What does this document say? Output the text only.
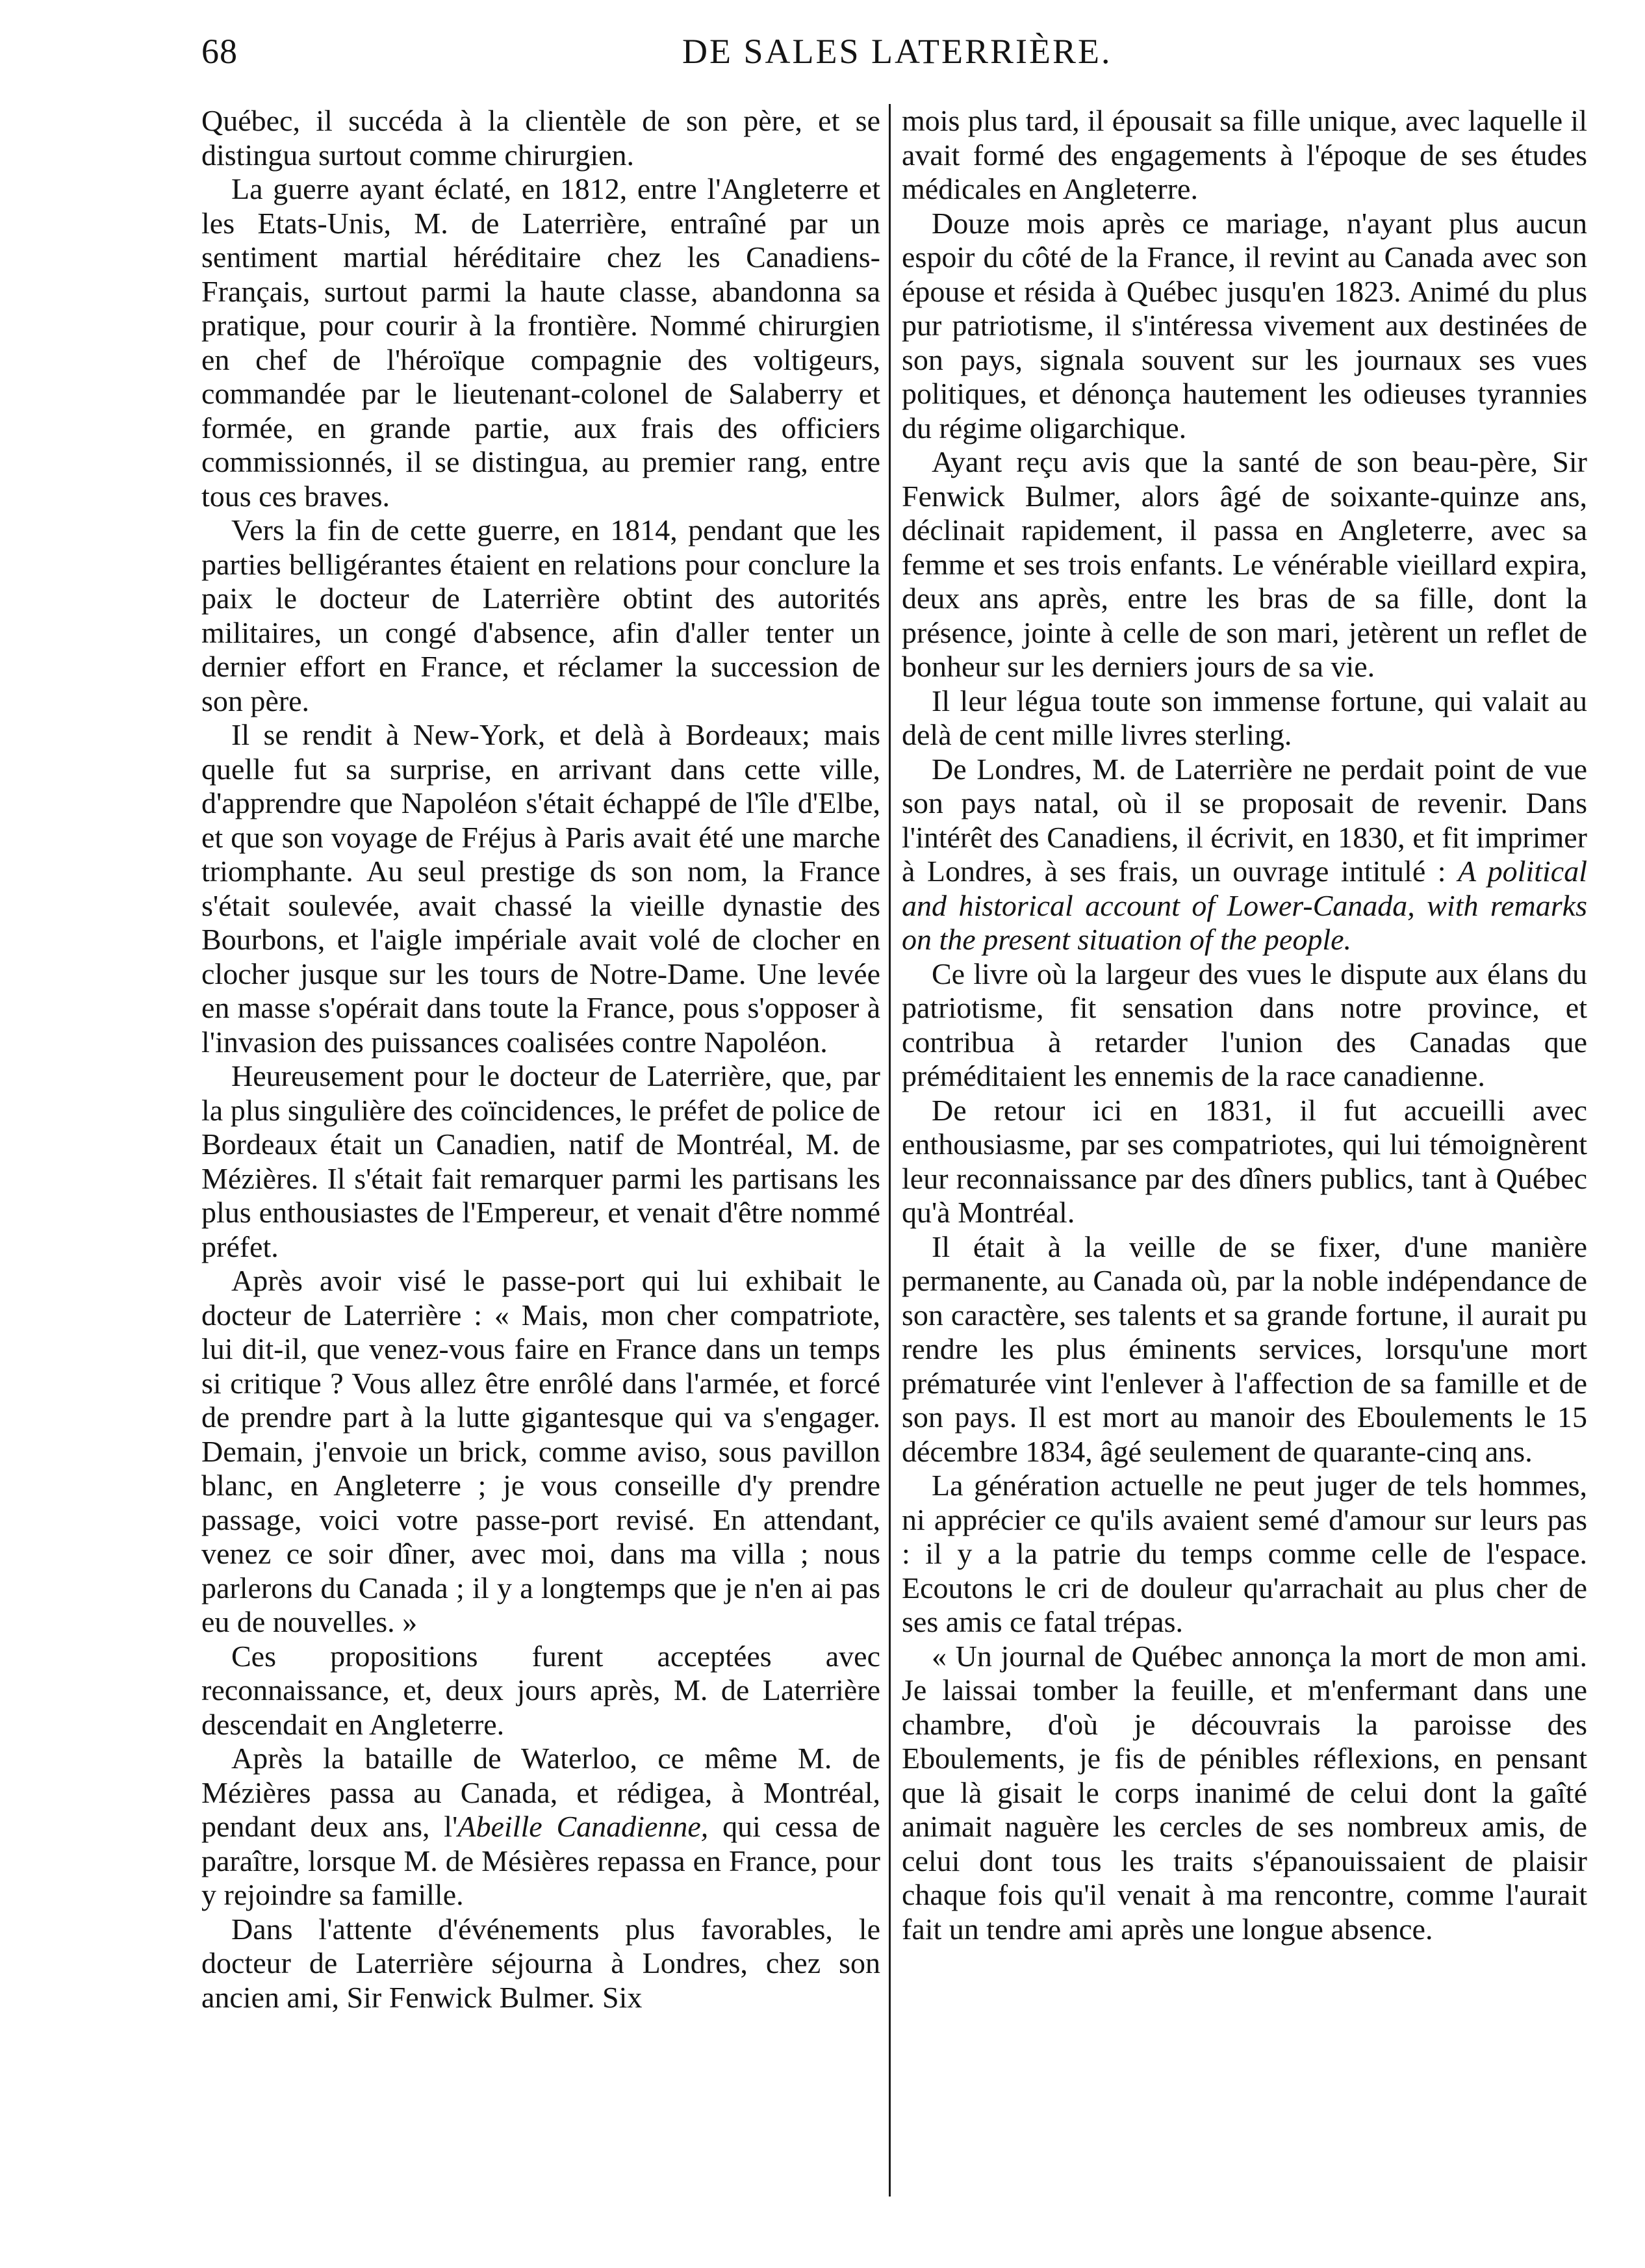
68	DE SALES LATERRIÈRE.

Québec, il succéda à la clientèle de son père, et se distingua surtout comme chirurgien.

La guerre ayant éclaté, en 1812, entre l'Angleterre et les Etats-Unis, M. de Laterrière, entraîné par un sentiment martial héréditaire chez les Canadiens-Français, surtout parmi la haute classe, abandonna sa pratique, pour courir à la frontière. Nommé chirurgien en chef de l'héroïque compagnie des voltigeurs, commandée par le lieutenant-colonel de Salaberry et formée, en grande partie, aux frais des officiers commissionnés, il se distingua, au premier rang, entre tous ces braves.

Vers la fin de cette guerre, en 1814, pendant que les parties belligérantes étaient en relations pour conclure la paix le docteur de Laterrière obtint des autorités militaires, un congé d'absence, afin d'aller tenter un dernier effort en France, et réclamer la succession de son père.

Il se rendit à New-York, et delà à Bordeaux; mais quelle fut sa surprise, en arrivant dans cette ville, d'apprendre que Napoléon s'était échappé de l'île d'Elbe, et que son voyage de Fréjus à Paris avait été une marche triomphante. Au seul prestige ds son nom, la France s'était soulevée, avait chassé la vieille dynastie des Bourbons, et l'aigle impériale avait volé de clocher en clocher jusque sur les tours de Notre-Dame. Une levée en masse s'opérait dans toute la France, pous s'opposer à l'invasion des puissances coalisées contre Napoléon.

Heureusement pour le docteur de Laterrière, que, par la plus singulière des coïncidences, le préfet de police de Bordeaux était un Canadien, natif de Montréal, M. de Mézières. Il s'était fait remarquer parmi les partisans les plus enthousiastes de l'Empereur, et venait d'être nommé préfet.

Après avoir visé le passe-port qui lui exhibait le docteur de Laterrière : « Mais, mon cher compatriote, lui dit-il, que venez-vous faire en France dans un temps si critique ? Vous allez être enrôlé dans l'armée, et forcé de prendre part à la lutte gigantesque qui va s'engager. Demain, j'envoie un brick, comme aviso, sous pavillon blanc, en Angleterre ; je vous conseille d'y prendre passage, voici votre passe-port revisé. En attendant, venez ce soir dîner, avec moi, dans ma villa ; nous parlerons du Canada ; il y a longtemps que je n'en ai pas eu de nouvelles. »

Ces propositions furent acceptées avec reconnaissance, et, deux jours après, M. de Laterrière descendait en Angleterre.

Après la bataille de Waterloo, ce même M. de Mézières passa au Canada, et rédigea, à Montréal, pendant deux ans, l'Abeille Canadienne, qui cessa de paraître, lorsque M. de Mésières repassa en France, pour y rejoindre sa famille.

Dans l'attente d'événements plus favorables, le docteur de Laterrière séjourna à Londres, chez son ancien ami, Sir Fenwick Bulmer. Six

mois plus tard, il épousait sa fille unique, avec laquelle il avait formé des engagements à l'époque de ses études médicales en Angleterre.

Douze mois après ce mariage, n'ayant plus aucun espoir du côté de la France, il revint au Canada avec son épouse et résida à Québec jusqu'en 1823. Animé du plus pur patriotisme, il s'intéressa vivement aux destinées de son pays, signala souvent sur les journaux ses vues politiques, et dénonça hautement les odieuses tyrannies du régime oligarchique.

Ayant reçu avis que la santé de son beau-père, Sir Fenwick Bulmer, alors âgé de soixante-quinze ans, déclinait rapidement, il passa en Angleterre, avec sa femme et ses trois enfants. Le vénérable vieillard expira, deux ans après, entre les bras de sa fille, dont la présence, jointe à celle de son mari, jetèrent un reflet de bonheur sur les derniers jours de sa vie.

Il leur légua toute son immense fortune, qui valait au delà de cent mille livres sterling.

De Londres, M. de Laterrière ne perdait point de vue son pays natal, où il se proposait de revenir. Dans l'intérêt des Canadiens, il écrivit, en 1830, et fit imprimer à Londres, à ses frais, un ouvrage intitulé : A political and historical account of Lower-Canada, with remarks on the present situation of the people.

Ce livre où la largeur des vues le dispute aux élans du patriotisme, fit sensation dans notre province, et contribua à retarder l'union des Canadas que préméditaient les ennemis de la race canadienne.

De retour ici en 1831, il fut accueilli avec enthousiasme, par ses compatriotes, qui lui témoignèrent leur reconnaissance par des dîners publics, tant à Québec qu'à Montréal.

Il était à la veille de se fixer, d'une manière permanente, au Canada où, par la noble indépendance de son caractère, ses talents et sa grande fortune, il aurait pu rendre les plus éminents services, lorsqu'une mort prématurée vint l'enlever à l'affection de sa famille et de son pays. Il est mort au manoir des Eboulements le 15 décembre 1834, âgé seulement de quarante-cinq ans.

La génération actuelle ne peut juger de tels hommes, ni apprécier ce qu'ils avaient semé d'amour sur leurs pas : il y a la patrie du temps comme celle de l'espace. Ecoutons le cri de douleur qu'arrachait au plus cher de ses amis ce fatal trépas.

« Un journal de Québec annonça la mort de mon ami. Je laissai tomber la feuille, et m'enfermant dans une chambre, d'où je découvrais la paroisse des Eboulements, je fis de pénibles réflexions, en pensant que là gisait le corps inanimé de celui dont la gaîté animait naguère les cercles de ses nombreux amis, de celui dont tous les traits s'épanouissaient de plaisir chaque fois qu'il venait à ma rencontre, comme l'aurait fait un tendre ami après une longue absence.
